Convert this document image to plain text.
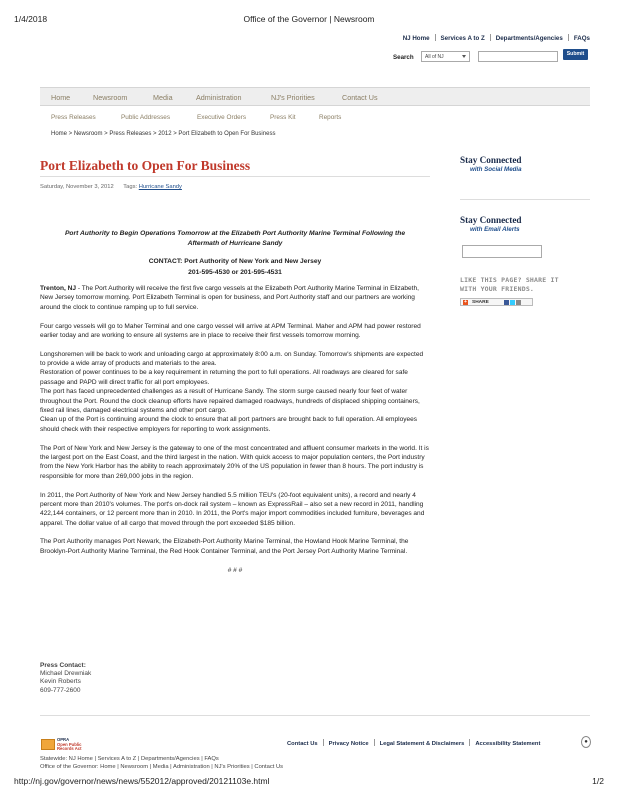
1/4/2018	Office of the Governor | Newsroom
NJ Home Services A to Z Departments/Agencies FAQs
Search	All of NJ	Submit
Home	Newsroom	Media	Administration	NJ's Priorities	Contact Us
Press Releases	Public Addresses	Executive Orders	Press Kit	Reports
Home > Newsroom > Press Releases > 2012 > Port Elizabeth to Open For Business
Port Elizabeth to Open For Business
Saturday, November 3, 2012 Tags: Hurricane Sandy

Port Authority to Begin Operations Tomorrow at the Elizabeth Port Authority Marine Terminal Following the Aftermath of Hurricane Sandy

CONTACT: Port Authority of New York and New Jersey
201-595-4530 or 201-595-4531

Trenton, NJ - The Port Authority will receive the first five cargo vessels at the Elizabeth Port Authority Marine Terminal in Elizabeth, New Jersey tomorrow morning. Port Elizabeth Terminal is open for business, and Port Authority staff and our partners are working around the clock to continue ramping up to full service.

Four cargo vessels will go to Maher Terminal and one cargo vessel will arrive at APM Terminal. Maher and APM had power restored earlier today and are working to ensure all systems are in place to receive their first vessels tomorrow morning.

Longshoremen will be back to work and unloading cargo at approximately 8:00 a.m. on Sunday. Tomorrow's shipments are expected to provide a wide array of products and materials to the area.

Restoration of power continues to be a key requirement in returning the port to full operations. All roadways are cleared for safe passage and PAPD will direct traffic for all port employees.

The port has faced unprecedented challenges as a result of Hurricane Sandy. The storm surge caused nearly four feet of water throughout the Port. Round the clock cleanup efforts have repaired damaged roadways, hundreds of displaced shipping containers, fixed rail lines, damaged electrical systems and other port cargo.

Clean up of the Port is continuing around the clock to ensure that all port partners are brought back to full operation. All employees should check with their respective employers for reporting to work assignments.

The Port of New York and New Jersey is the gateway to one of the most concentrated and affluent consumer markets in the world. It is the largest port on the East Coast, and the third largest in the nation. With quick access to major population centers, the Port industry from the New York Harbor has the ability to reach approximately 20% of the US population in fewer than 8 hours. The port industry is responsible for more than 269,000 jobs in the region.

In 2011, the Port Authority of New York and New Jersey handled 5.5 million TEU's (20-foot equivalent units), a record and nearly 4 percent more than 2010's volumes. The port's on-dock rail system – known as ExpressRail – also set a new record in 2011, handling 422,144 containers, or 12 percent more than in 2010. In 2011, the Port's major import commodities included furniture, beverages and apparel. The dollar value of all cargo that moved through the port exceeded $185 billion.

The Port Authority manages Port Newark, the Elizabeth-Port Authority Marine Terminal, the Howland Hook Marine Terminal, the Brooklyn-Port Authority Marine Terminal, the Red Hook Container Terminal, and the Port Jersey Port Authority Marine Terminal.

# # #

Press Contact:
Michael Drewniak
Kevin Roberts
609-777-2600
Stay Connected
with Social Media
Stay Connected
with Email Alerts
LIKE THIS PAGE? SHARE IT
WITH YOUR FRIENDS.
+ SHARE
OPRA
Open Public Records Act
Contact Us Privacy Notice Legal Statement & Disclaimers Accessibility Statement	●
Statewide: NJ Home | Services A to Z | Departments/Agencies | FAQs
Office of the Governor: Home | Newsroom | Media | Administration | NJ's Priorities | Contact Us
http://nj.gov/governor/news/news/552012/approved/20121103e.html	1/2
